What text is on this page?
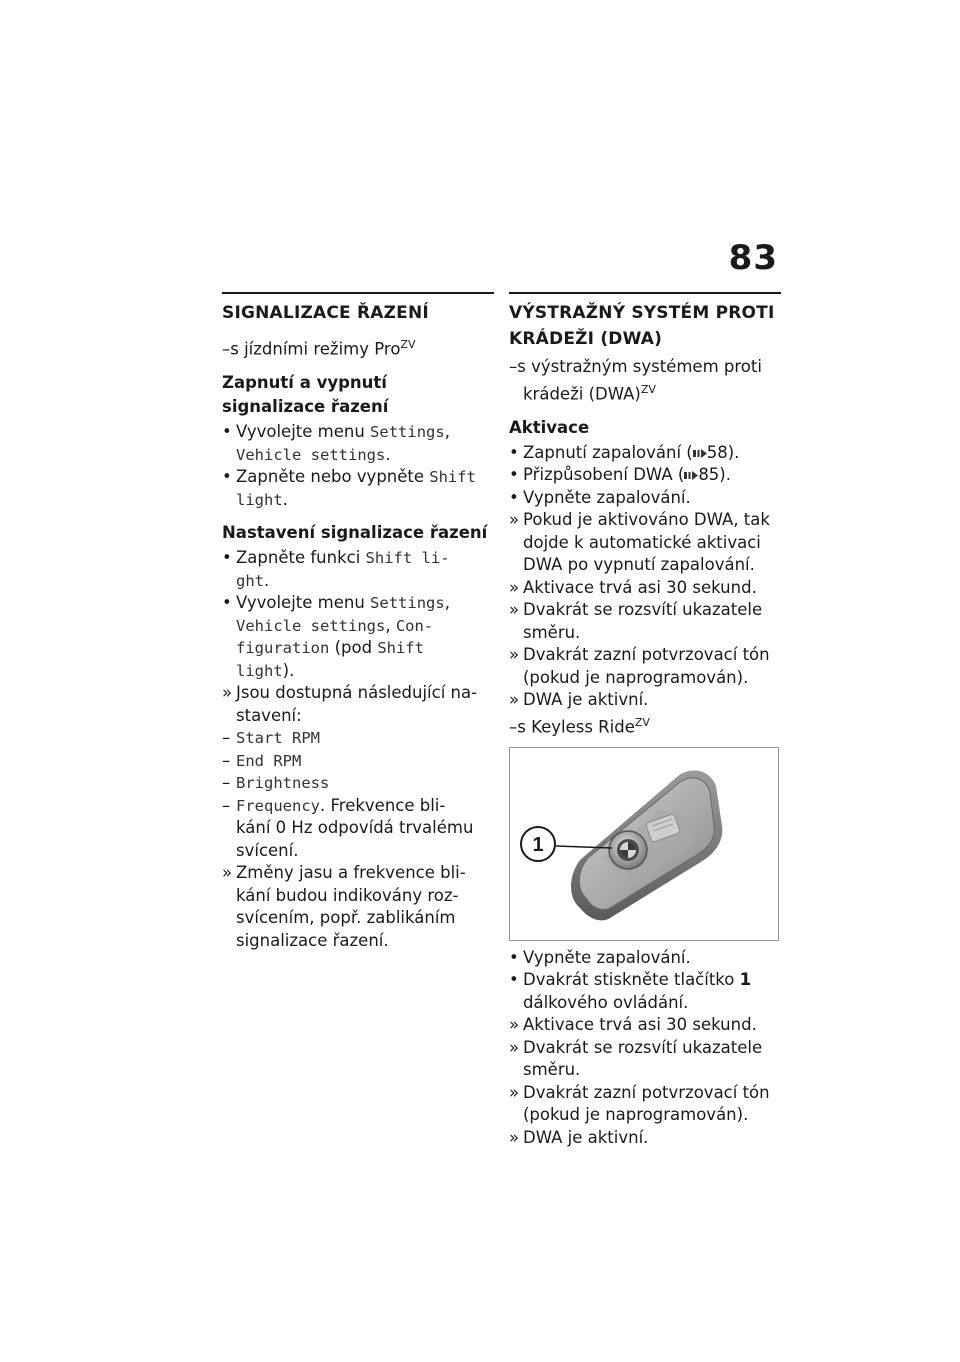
83
SIGNALIZACE ŘAZENÍ
–s jízdními režimy Pro$^{ZV}$
Zapnutí a vypnutí signalizace řazení
• Vyvolejte menu Settings,
Vehicle settings.
• Zapněte nebo vypněte Shift
light.
Nastavení signalizace řazení
• Zapněte funkci Shift li-
ght.
• Vyvolejte menu Settings,
Vehicle settings, Con-
figuration (pod Shift
light).
» Jsou dostupná následující na-
stavení:
– Start RPM
– End RPM
– Brightness
– Frequency. Frekvence bli-
kání 0 Hz odpovídá trvalému
svícení.
» Změny jasu a frekvence bli-
kání budou indikovány roz-
svícením, popř. zablikáním
signalizace řazení.
VÝSTRAŽNÝ SYSTÉM PROTI
KRÁDEŽI (DWA)
–s výstražným systémem proti
krádeži (DWA)$^{ZV}$
Aktivace
• Zapnutí zapalování ( 58).
• Přizpůsobení DWA ( 85).
• Vypněte zapalování.
» Pokud je aktivováno DWA, tak
dojde k automatické aktivaci
DWA po vypnutí zapalování.
» Aktivace trvá asi 30 sekund.
» Dvakrát se rozsvítí ukazatele
směru.
» Dvakrát zazní potvrzovací tón
(pokud je naprogramován).
» DWA je aktivní.
–s Keyless Ride$^{ZV}$
1
• Vypněte zapalování.
• Dvakrát stiskněte tlačítko 1
dálkového ovládání.
» Aktivace trvá asi 30 sekund.
» Dvakrát se rozsvítí ukazatele
směru.
» Dvakrát zazní potvrzovací tón
(pokud je naprogramován).
» DWA je aktivní.
